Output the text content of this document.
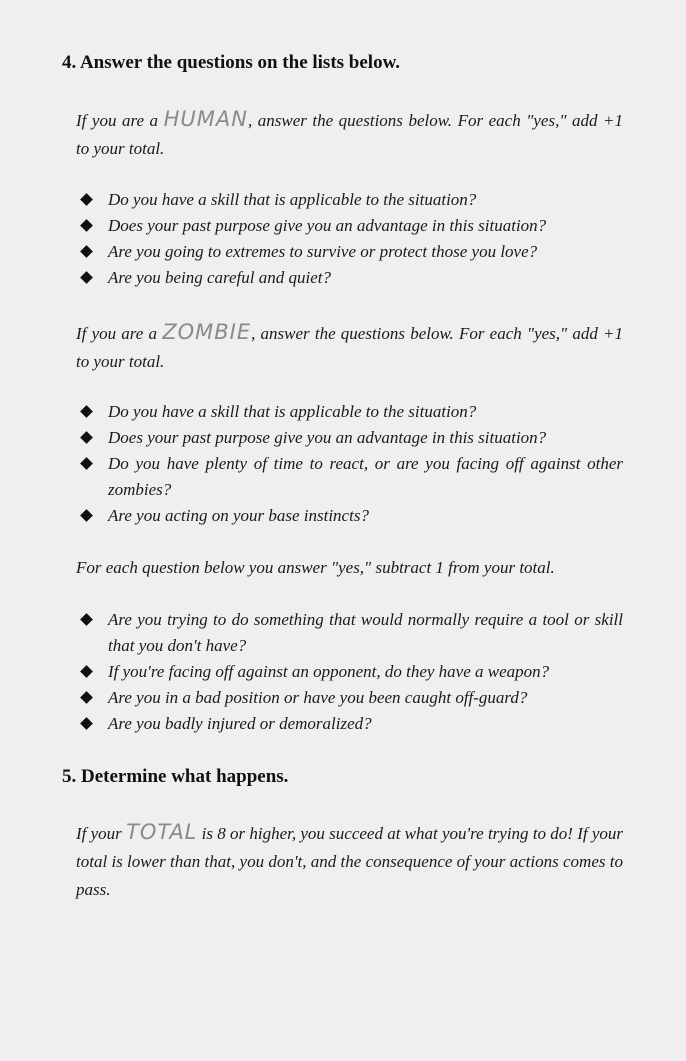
4. Answer the questions on the lists below.

If you are a HUMAN, answer the questions below. For each "yes," add +1 to your total.

Do you have a skill that is applicable to the situation?
Does your past purpose give you an advantage in this situation?
Are you going to extremes to survive or protect those you love?
Are you being careful and quiet?

If you are a ZOMBIE, answer the questions below. For each "yes," add +1 to your total.

Do you have a skill that is applicable to the situation?
Does your past purpose give you an advantage in this situation?
Do you have plenty of time to react, or are you facing off against other zombies?
Are you acting on your base instincts?

For each question below you answer "yes," subtract 1 from your total.

Are you trying to do something that would normally require a tool or skill that you don't have?
If you're facing off against an opponent, do they have a weapon?
Are you in a bad position or have you been caught off-guard?
Are you badly injured or demoralized?
5. Determine what happens.

If your TOTAL is 8 or higher, you succeed at what you're trying to do! If your total is lower than that, you don't, and the consequence of your actions comes to pass.
